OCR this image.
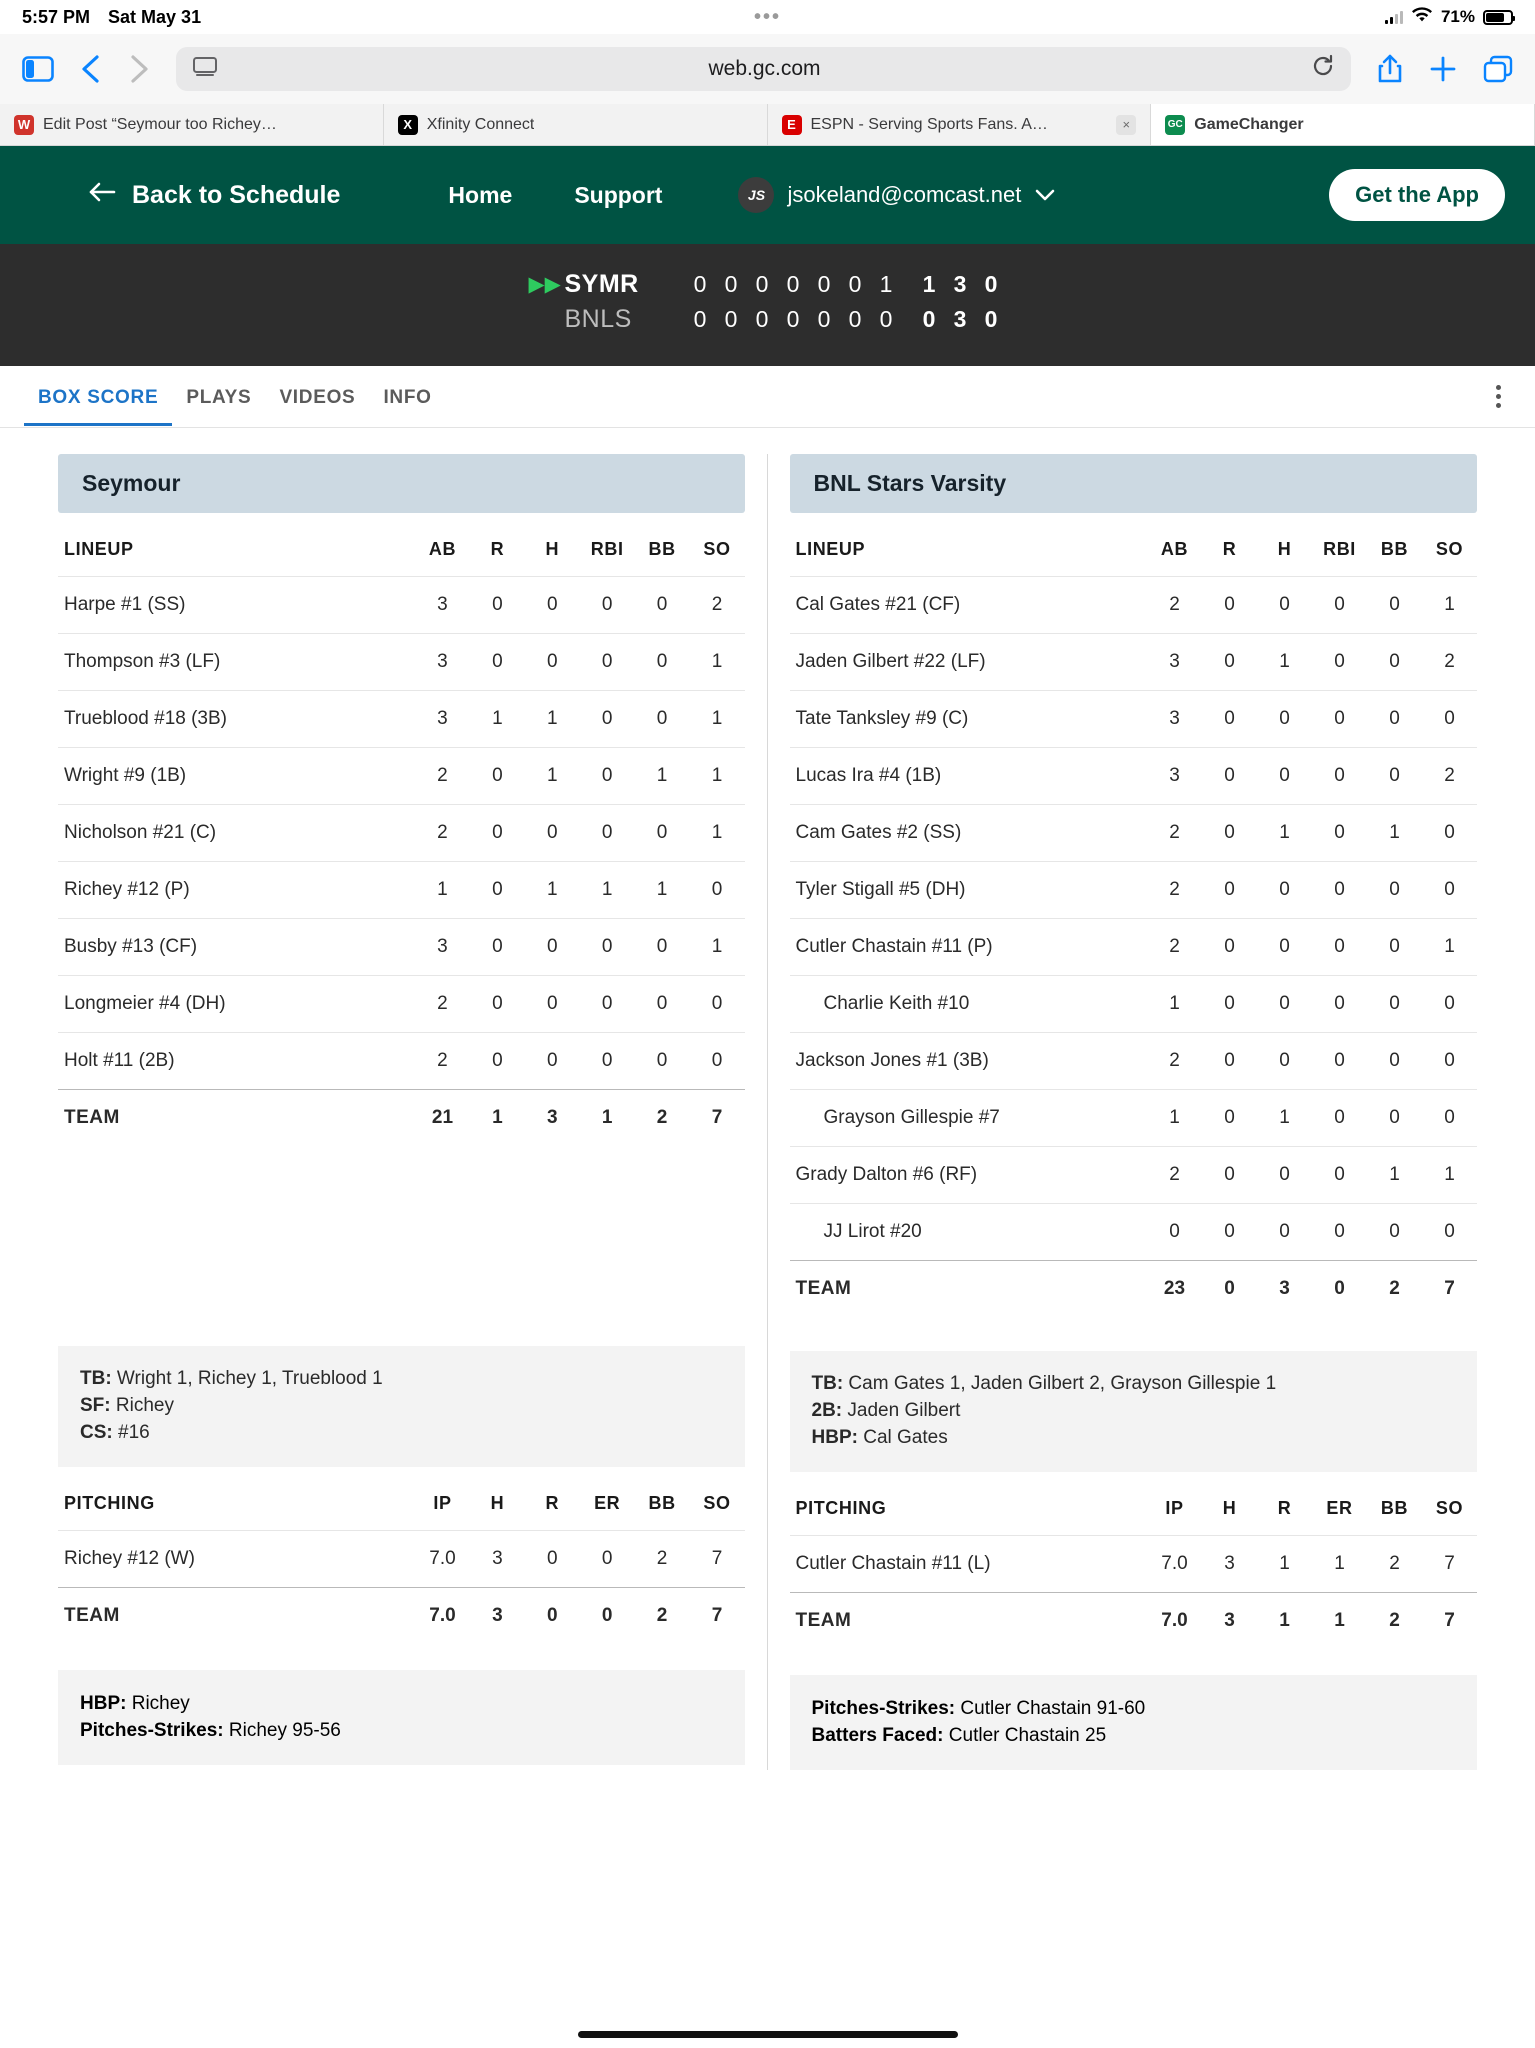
5:57 PM Sat May 31	•••	71%
web.gc.com
W Edit Post “Seymour too Richey…	X Xfinity Connect	E ESPN - Serving Sports Fans. A…	×	GC GameChanger
Back to Schedule	Home	Support	JS	jsokeland@comcast.net	Get the App
▶▶ SYMR	0 0 0 0 0 0 1	1 3 0
BNLS	0 0 0 0 0 0 0	0 3 0
BOX SCORE	PLAYS	VIDEOS	INFO
Seymour
LINEUP	AB	R	H	RBI	BB	SO
Harpe #1 (SS)	3	0	0	0	0	2
Thompson #3 (LF)	3	0	0	0	0	1
Trueblood #18 (3B)	3	1	1	0	0	1
Wright #9 (1B)	2	0	1	0	1	1
Nicholson #21 (C)	2	0	0	0	0	1
Richey #12 (P)	1	0	1	1	1	0
Busby #13 (CF)	3	0	0	0	0	1
Longmeier #4 (DH)	2	0	0	0	0	0
Holt #11 (2B)	2	0	0	0	0	0
TEAM	21	1	3	1	2	7
TB: Wright 1, Richey 1, Trueblood 1
SF: Richey
CS: #16
PITCHING	IP	H	R	ER	BB	SO
Richey #12 (W)	7.0	3	0	0	2	7
TEAM	7.0	3	0	0	2	7
HBP: Richey
Pitches-Strikes: Richey 95-56
BNL Stars Varsity
LINEUP	AB	R	H	RBI	BB	SO
Cal Gates #21 (CF)	2	0	0	0	0	1
Jaden Gilbert #22 (LF)	3	0	1	0	0	2
Tate Tanksley #9 (C)	3	0	0	0	0	0
Lucas Ira #4 (1B)	3	0	0	0	0	2
Cam Gates #2 (SS)	2	0	1	0	1	0
Tyler Stigall #5 (DH)	2	0	0	0	0	0
Cutler Chastain #11 (P)	2	0	0	0	0	1
Charlie Keith #10	1	0	0	0	0	0
Jackson Jones #1 (3B)	2	0	0	0	0	0
Grayson Gillespie #7	1	0	1	0	0	0
Grady Dalton #6 (RF)	2	0	0	0	1	1
JJ Lirot #20	0	0	0	0	0	0
TEAM	23	0	3	0	2	7
TB: Cam Gates 1, Jaden Gilbert 2, Grayson Gillespie 1
2B: Jaden Gilbert
HBP: Cal Gates
PITCHING	IP	H	R	ER	BB	SO
Cutler Chastain #11 (L)	7.0	3	1	1	2	7
TEAM	7.0	3	1	1	2	7
Pitches-Strikes: Cutler Chastain 91-60
Batters Faced: Cutler Chastain 25
